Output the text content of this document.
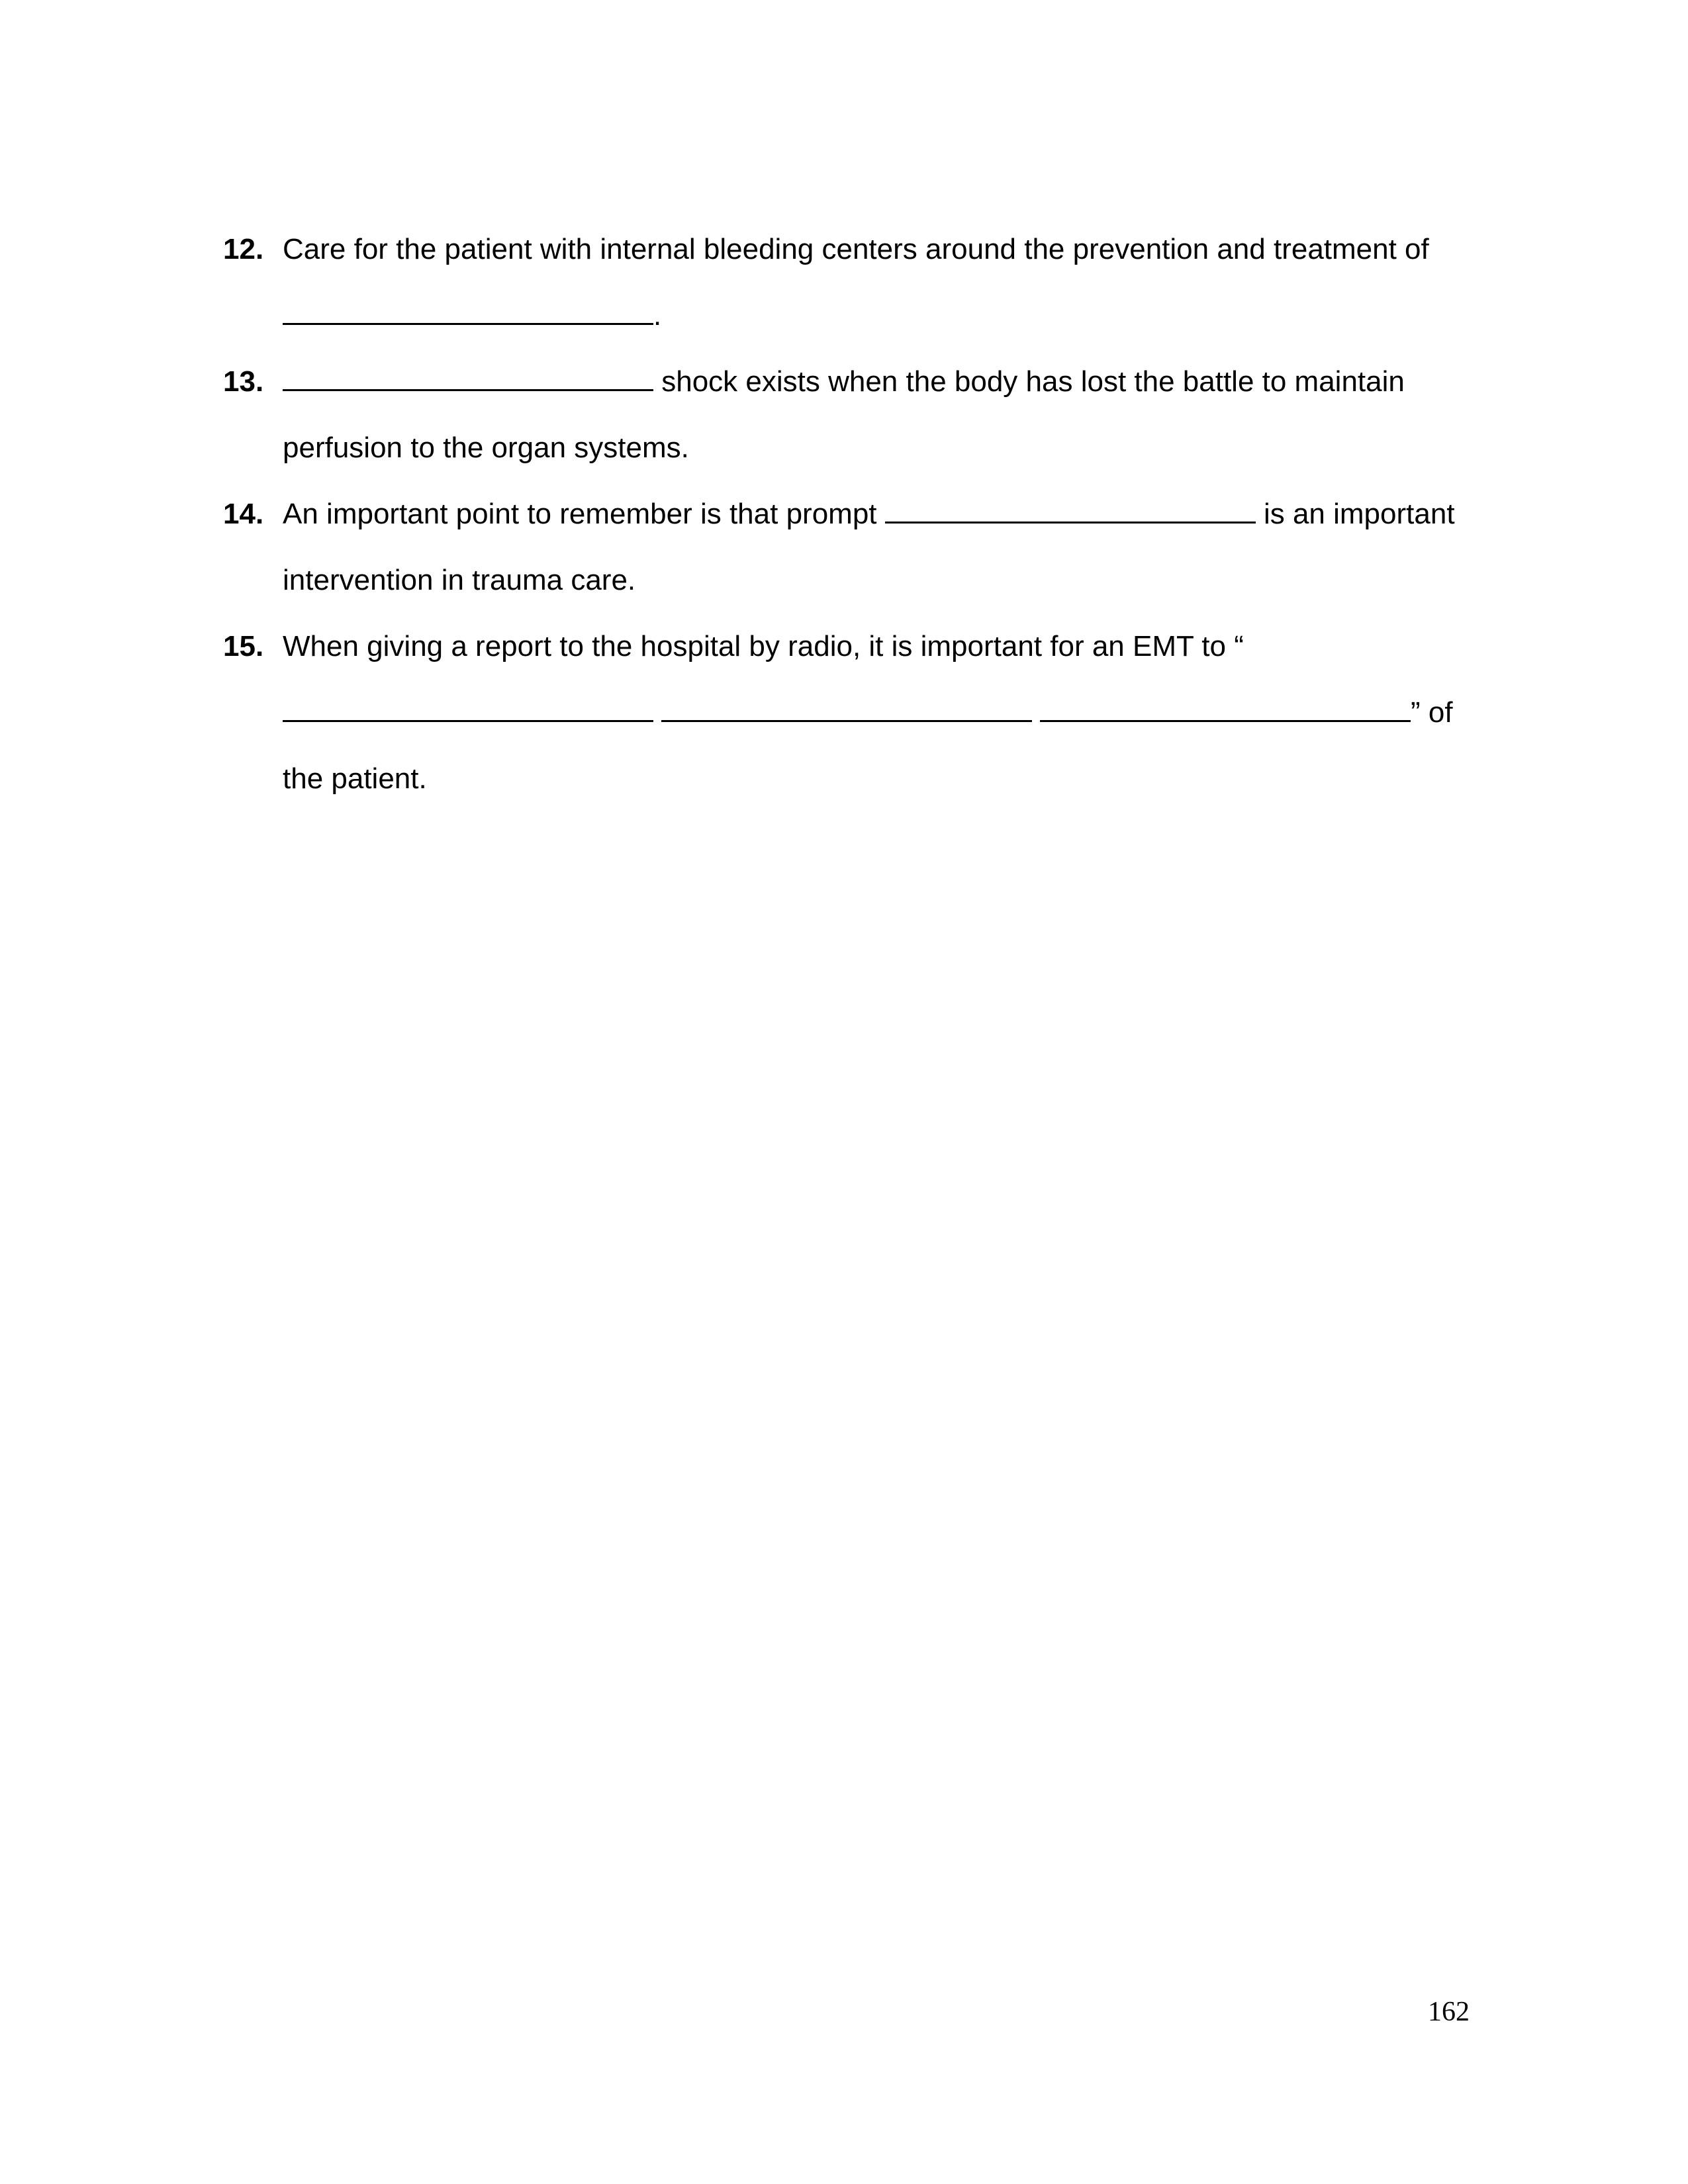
12. Care for the patient with internal bleeding centers around the prevention and treatment of
.
13.	shock exists when the body has lost the battle to maintain
perfusion to the organ systems.
14. An important point to remember is that prompt	is an important
intervention in trauma care.
15. When giving a report to the hospital by radio, it is important for an EMT to “
” of
the patient.
162
